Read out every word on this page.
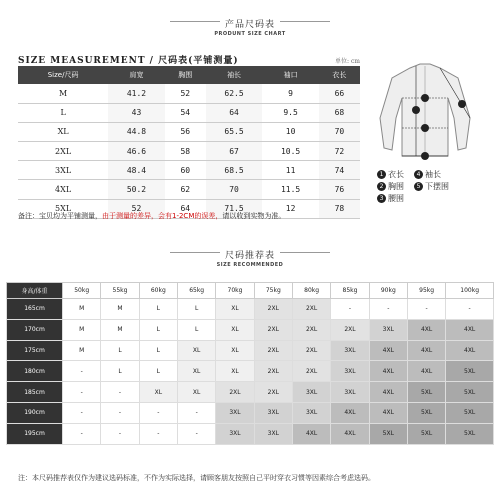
产品尺码表
PRODUNT SIZE CHART
SIZE MEASUREMENT / 尺码表(平铺测量)	单位: cm
Size/尺码	肩宽	胸围	袖长	袖口	衣长
M	41.2	52	62.5	9	66
L	43	54	64	9.5	68
XL	44.8	56	65.5	10	70
2XL	46.6	58	67	10.5	72
3XL	48.4	60	68.5	11	74
4XL	50.2	62	70	11.5	76
5XL	52	64	71.5	12	78
备注：宝贝均为平铺测量，由于测量的差异，会有1-2CM的误差，请以收到实物为准。
1 衣长	4 袖长
2 胸围	5 下摆围
3 腰围
尺码推荐表
SIZE RECOMMENDED
身高/体重	50kg	55kg	60kg	65kg	70kg	75kg	80kg	85kg	90kg	95kg	100kg
165cm	M	M	L	L	XL	2XL	2XL	-	-	-	-
170cm	M	M	L	L	XL	2XL	2XL	2XL	3XL	4XL	4XL
175cm	M	L	L	XL	XL	2XL	2XL	3XL	4XL	4XL	4XL
180cm	-	L	L	XL	XL	2XL	2XL	3XL	4XL	4XL	5XL
185cm	-	-	XL	XL	2XL	2XL	3XL	3XL	4XL	5XL	5XL
190cm	-	-	-	-	3XL	3XL	3XL	4XL	4XL	5XL	5XL
195cm	-	-	-	-	3XL	3XL	4XL	4XL	5XL	5XL	5XL
注：本尺码推荐表仅作为建议选码标准，不作为实际选择，请顾客朋友按照自己平时穿衣习惯等因素综合考虑选码。
